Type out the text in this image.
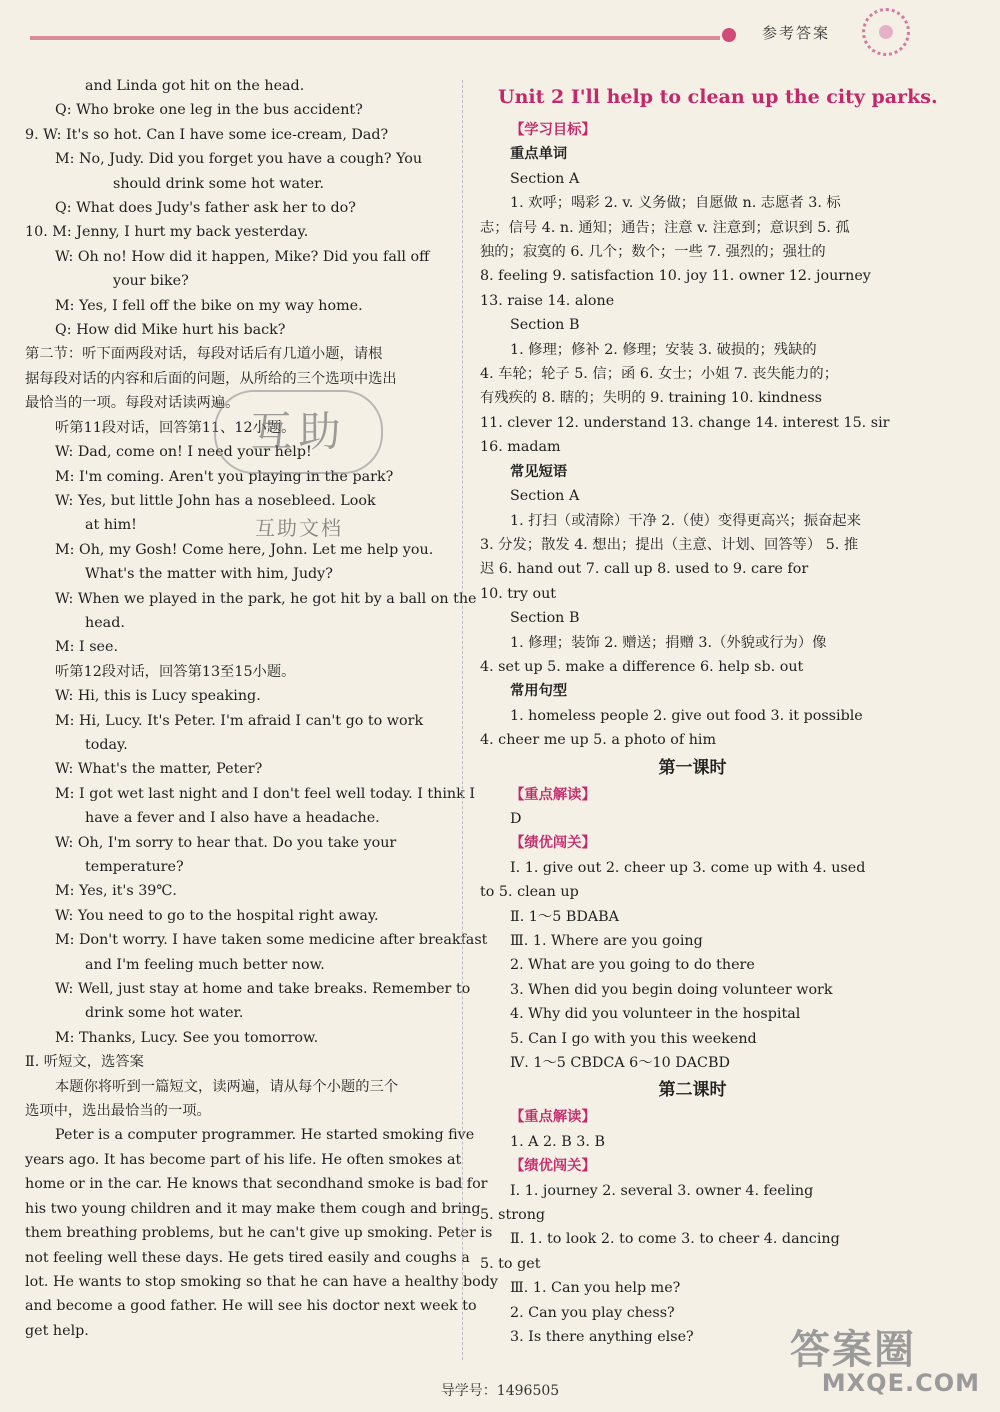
参考答案
and Linda got hit on the head.
Q: Who broke one leg in the bus accident?
9. W: It's so hot. Can I have some ice-cream, Dad?
M: No, Judy. Did you forget you have a cough? You
should drink some hot water.
Q: What does Judy's father ask her to do?
10. M: Jenny, I hurt my back yesterday.
W: Oh no! How did it happen, Mike? Did you fall off
your bike?
M: Yes, I fell off the bike on my way home.
Q: How did Mike hurt his back?
第二节：听下面两段对话，每段对话后有几道小题，请根
据每段对话的内容和后面的问题，从所给的三个选项中选出
最恰当的一项。每段对话读两遍。
听第11段对话，回答第11、12小题。
W: Dad, come on! I need your help!
M: I'm coming. Aren't you playing in the park?
W: Yes, but little John has a nosebleed. Look
at him!
M: Oh, my Gosh! Come here, John. Let me help you.
What's the matter with him, Judy?
W: When we played in the park, he got hit by a ball on the
head.
M: I see.
听第12段对话，回答第13至15小题。
W: Hi, this is Lucy speaking.
M: Hi, Lucy. It's Peter. I'm afraid I can't go to work
today.
W: What's the matter, Peter?
M: I got wet last night and I don't feel well today. I think I
have a fever and I also have a headache.
W: Oh, I'm sorry to hear that. Do you take your
temperature?
M: Yes, it's 39℃.
W: You need to go to the hospital right away.
M: Don't worry. I have taken some medicine after breakfast
and I'm feeling much better now.
W: Well, just stay at home and take breaks. Remember to
drink some hot water.
M: Thanks, Lucy. See you tomorrow.
Ⅱ. 听短文，选答案
本题你将听到一篇短文，读两遍，请从每个小题的三个
选项中，选出最恰当的一项。
Peter is a computer programmer. He started smoking five
years ago. It has become part of his life. He often smokes at
home or in the car. He knows that secondhand smoke is bad for
his two young children and it may make them cough and bring
them breathing problems, but he can't give up smoking. Peter is
not feeling well these days. He gets tired easily and coughs a
lot. He wants to stop smoking so that he can have a healthy body
and become a good father. He will see his doctor next week to
get help.
Unit 2 I'll help to clean up the city parks.
【学习目标】
重点单词
Section A
1. 欢呼；喝彩 2. v. 义务做；自愿做 n. 志愿者 3. 标
志；信号 4. n. 通知；通告；注意 v. 注意到；意识到 5. 孤
独的；寂寞的 6. 几个；数个；一些 7. 强烈的；强壮的
8. feeling 9. satisfaction 10. joy 11. owner 12. journey
13. raise 14. alone
Section B
1. 修理；修补 2. 修理；安装 3. 破损的；残缺的
4. 车轮；轮子 5. 信；函 6. 女士；小姐 7. 丧失能力的；
有残疾的 8. 瞎的；失明的 9. training 10. kindness
11. clever 12. understand 13. change 14. interest 15. sir
16. madam
常见短语
Section A
1. 打扫（或清除）干净 2.（使）变得更高兴；振奋起来
3. 分发；散发 4. 想出；提出（主意、计划、回答等） 5. 推
迟 6. hand out 7. call up 8. used to 9. care for
10. try out
Section B
1. 修理；装饰 2. 赠送；捐赠 3.（外貌或行为）像
4. set up 5. make a difference 6. help sb. out
常用句型
1. homeless people 2. give out food 3. it possible
4. cheer me up 5. a photo of him
第一课时
【重点解读】
D
【绩优闯关】
Ⅰ. 1. give out 2. cheer up 3. come up with 4. used
to 5. clean up
Ⅱ. 1～5 BDABA
Ⅲ. 1. Where are you going
2. What are you going to do there
3. When did you begin doing volunteer work
4. Why did you volunteer in the hospital
5. Can I go with you this weekend
Ⅳ. 1～5 CBDCA 6～10 DACBD
第二课时
【重点解读】
1. A 2. B 3. B
【绩优闯关】
Ⅰ. 1. journey 2. several 3. owner 4. feeling
5. strong
Ⅱ. 1. to look 2. to come 3. to cheer 4. dancing
5. to get
Ⅲ. 1. Can you help me?
2. Can you play chess?
3. Is there anything else?
互助
互助文档
导学号：1496505
答案圈
MXQE.COM
